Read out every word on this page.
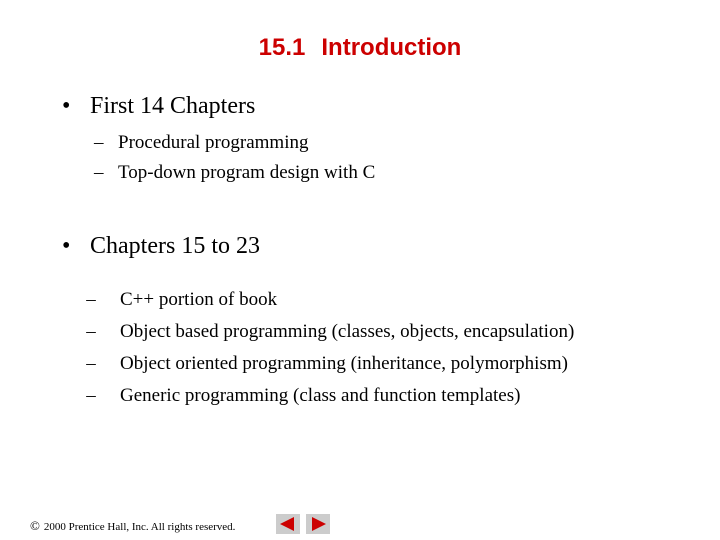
15.1 Introduction
• First 14 Chapters
– Procedural programming
– Top-down program design with C
• Chapters 15 to 23
– C++ portion of book
– Object based programming (classes, objects, encapsulation)
– Object oriented programming (inheritance, polymorphism)
– Generic programming (class and function templates)
© 2000 Prentice Hall, Inc. All rights reserved.
